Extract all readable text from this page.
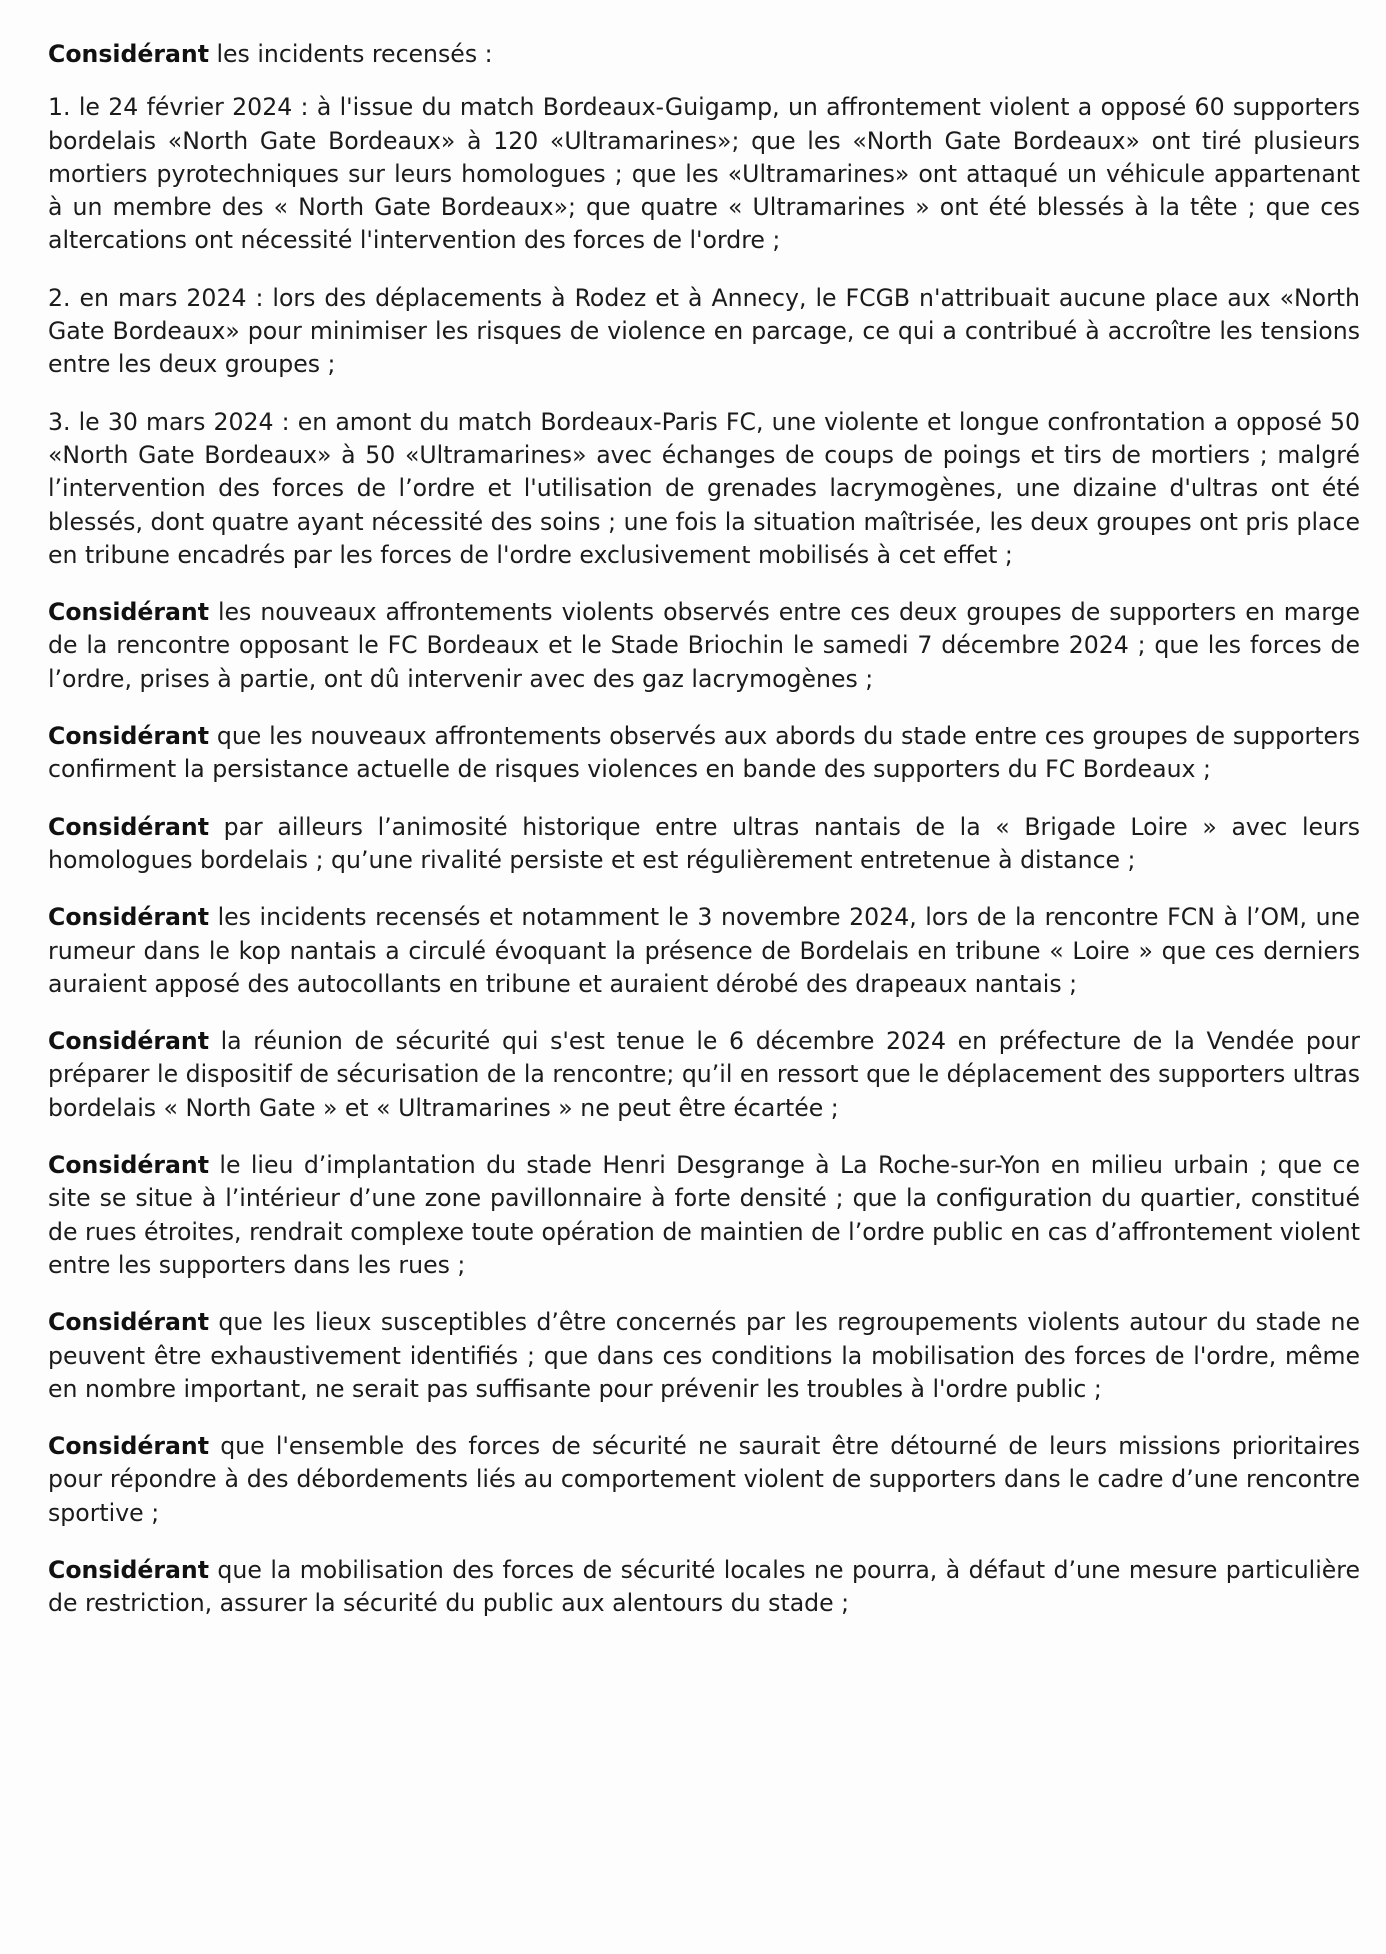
Considérant les incidents recensés :

1. le 24 février 2024 : à l'issue du match Bordeaux-Guigamp, un affrontement violent a opposé 60 supporters bordelais «North Gate Bordeaux» à 120 «Ultramarines»; que les «North Gate Bordeaux» ont tiré plusieurs mortiers pyrotechniques sur leurs homologues ; que les «Ultramarines» ont attaqué un véhicule appartenant à un membre des « North Gate Bordeaux»; que quatre « Ultramarines » ont été blessés à la tête ; que ces altercations ont nécessité l'intervention des forces de l'ordre ;

2. en mars 2024 : lors des déplacements à Rodez et à Annecy, le FCGB n'attribuait aucune place aux «North Gate Bordeaux» pour minimiser les risques de violence en parcage, ce qui a contribué à accroître les tensions entre les deux groupes ;

3. le 30 mars 2024 : en amont du match Bordeaux-Paris FC, une violente et longue confrontation a opposé 50 «North Gate Bordeaux» à 50 «Ultramarines» avec échanges de coups de poings et tirs de mortiers ; malgré l’intervention des forces de l’ordre et l'utilisation de grenades lacrymogènes, une dizaine d'ultras ont été blessés, dont quatre ayant nécessité des soins ; une fois la situation maîtrisée, les deux groupes ont pris place en tribune encadrés par les forces de l'ordre exclusivement mobilisés à cet effet ;

Considérant les nouveaux affrontements violents observés entre ces deux groupes de supporters en marge de la rencontre opposant le FC Bordeaux et le Stade Briochin le samedi 7 décembre 2024 ; que les forces de l’ordre, prises à partie, ont dû intervenir avec des gaz lacrymogènes ;

Considérant que les nouveaux affrontements observés aux abords du stade entre ces groupes de supporters confirment la persistance actuelle de risques violences en bande des supporters du FC Bordeaux ;

Considérant par ailleurs l’animosité historique entre ultras nantais de la « Brigade Loire » avec leurs homologues bordelais ; qu’une rivalité persiste et est régulièrement entretenue à distance ;

Considérant les incidents recensés et notamment le 3 novembre 2024, lors de la rencontre FCN à l’OM, une rumeur dans le kop nantais a circulé évoquant la présence de Bordelais en tribune « Loire » que ces derniers auraient apposé des autocollants en tribune et auraient dérobé des drapeaux nantais ;

Considérant la réunion de sécurité qui s'est tenue le 6 décembre 2024 en préfecture de la Vendée pour préparer le dispositif de sécurisation de la rencontre; qu’il en ressort que le déplacement des supporters ultras bordelais « North Gate » et « Ultramarines » ne peut être écartée ;

Considérant le lieu d’implantation du stade Henri Desgrange à La Roche-sur-Yon en milieu urbain ; que ce site se situe à l’intérieur d’une zone pavillonnaire à forte densité ; que la configuration du quartier, constitué de rues étroites, rendrait complexe toute opération de maintien de l’ordre public en cas d’affrontement violent entre les supporters dans les rues ;

Considérant que les lieux susceptibles d’être concernés par les regroupements violents autour du stade ne peuvent être exhaustivement identifiés ; que dans ces conditions la mobilisation des forces de l'ordre, même en nombre important, ne serait pas suffisante pour prévenir les troubles à l'ordre public ;

Considérant que l'ensemble des forces de sécurité ne saurait être détourné de leurs missions prioritaires pour répondre à des débordements liés au comportement violent de supporters dans le cadre d’une rencontre sportive ;

Considérant que la mobilisation des forces de sécurité locales ne pourra, à défaut d’une mesure particulière de restriction, assurer la sécurité du public aux alentours du stade ;
